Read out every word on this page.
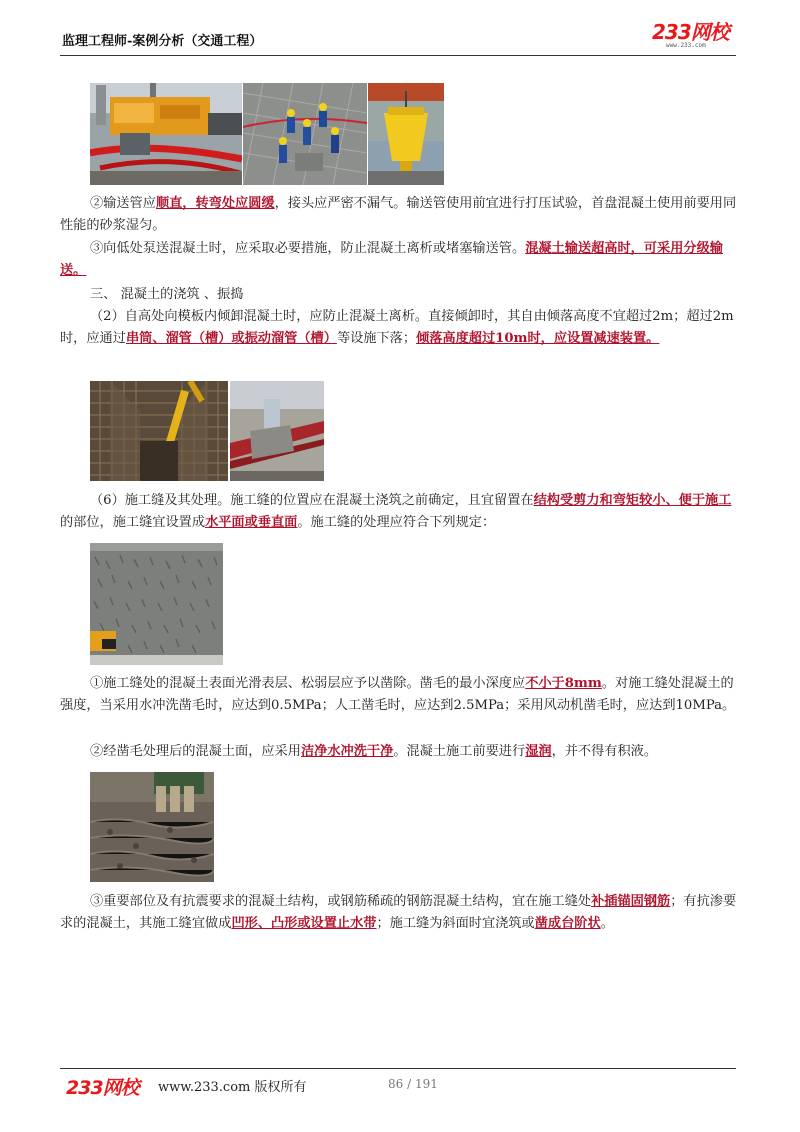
监理工程师-案例分析（交通工程）	233网校
www.233.com

②输送管应顺直，转弯处应圆缓，接头应严密不漏气。输送管使用前宜进行打压试验，首盘混凝土使用前要用同性能的砂浆湿匀。

③向低处泵送混凝土时，应采取必要措施，防止混凝土离析或堵塞输送管。混凝土输送超高时，可采用分级输送。

三、 混凝土的浇筑 、振捣

（2）自高处向模板内倾卸混凝土时，应防止混凝土离析。直接倾卸时，其自由倾落高度不宜超过2m；超过2m时，应通过串筒、溜管（槽）或振动溜管（槽）等设施下落；倾落高度超过10m时，应设置减速装置。

（6）施工缝及其处理。施工缝的位置应在混凝土浇筑之前确定，且宜留置在结构受剪力和弯矩较小、便于施工的部位，施工缝宜设置成水平面或垂直面。施工缝的处理应符合下列规定：

①施工缝处的混凝土表面光滑表层、松弱层应予以凿除。凿毛的最小深度应不小于8mm。对施工缝处混凝土的强度，当采用水冲洗凿毛时，应达到0.5MPa；人工凿毛时，应达到2.5MPa；采用风动机凿毛时，应达到10MPa。

②经凿毛处理后的混凝土面，应采用洁净水冲洗干净。混凝土施工前要进行湿润，并不得有积液。

③重要部位及有抗震要求的混凝土结构，或钢筋稀疏的钢筋混凝土结构，宜在施工缝处补插锚固钢筋；有抗渗要求的混凝土，其施工缝宜做成凹形、凸形或设置止水带；施工缝为斜面时宜浇筑或凿成台阶状。

233网校 www.233.com 版权所有	86 / 191
